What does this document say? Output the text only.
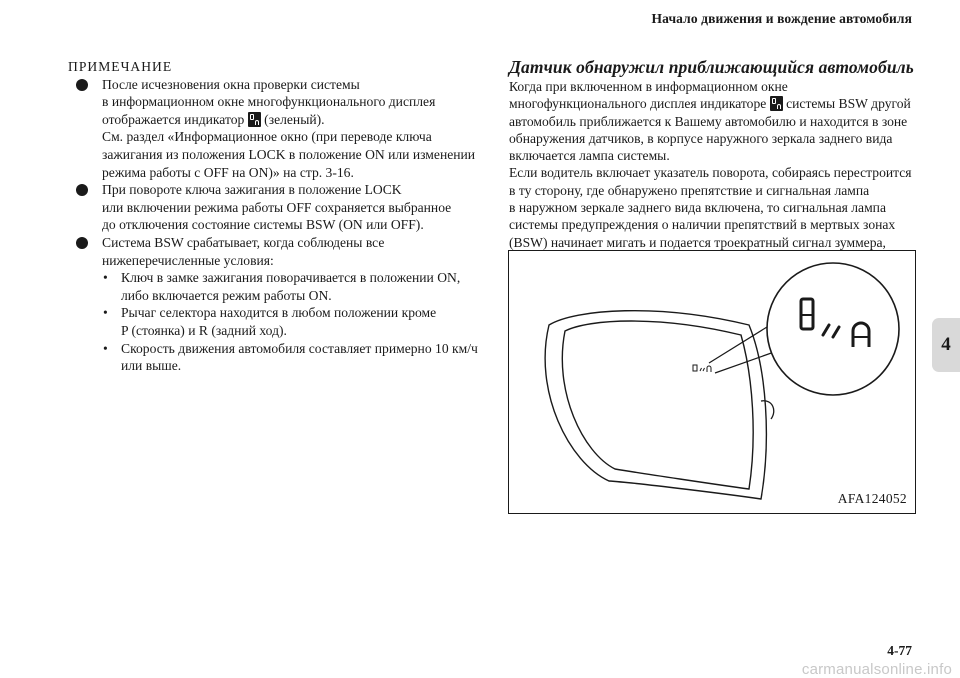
Начало движения и вождение автомобиля
4
ПРИМЕЧАНИЕ
После исчезновения окна проверки системы
в информационном окне многофункционального дисплея
отображается индикатор (зеленый).
См. раздел «Информационное окно (при переводе ключа
зажигания из положения LOCK в положение ON или изменении
режима работы с OFF на ON)» на стр. 3-16.
При повороте ключа зажигания в положение LOCK
или включении режима работы OFF сохраняется выбранное
до отключения состояние системы BSW (ON или OFF).
Система BSW срабатывает, когда соблюдены все
нижеперечисленные условия:
• Ключ в замке зажигания поворачивается в положении ON,
либо включается режим работы ON.
• Рычаг селектора находится в любом положении кроме
P (стоянка) и R (задний ход).
• Скорость движения автомобиля составляет примерно 10 км/ч
или выше.
Датчик обнаружил приближающийся автомобиль
Когда при включенном в информационном окне
многофункционального дисплея индикаторе системы BSW другой
автомобиль приближается к Вашему автомобилю и находится в зоне
обнаружения датчиков, в корпусе наружного зеркала заднего вида
включается лампа системы.
Если водитель включает указатель поворота, собираясь перестроится
в ту сторону, где обнаружено препятствие и сигнальная лампа
в наружном зеркале заднего вида включена, то сигнальная лампа
системы предупреждения о наличии препятствий в мертвых зонах
(BSW) начинает мигать и подается троекратный сигнал зуммера,
AFA124052
4-77
carmanualsonline.info
